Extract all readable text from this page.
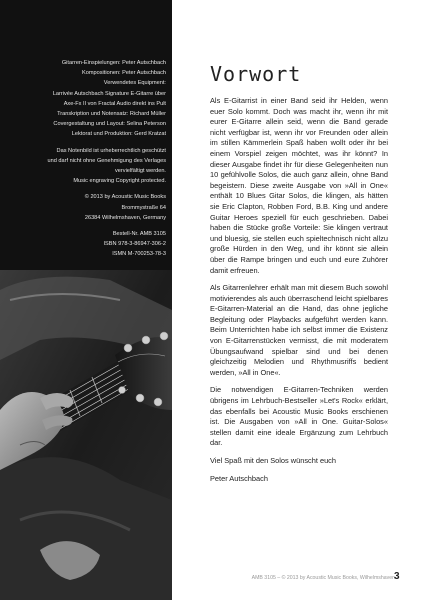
Gitarren-Einspielungen: Peter Autschbach
Kompositionen: Peter Autschbach
Verwendetes Equipment:
Larrivée Autschbach Signature E-Gitarre über
Axe-Fx II von Fractal Audio direkt ins Pult
Transkription und Notensatz: Richard Müller
Covergestaltung und Layout: Selina Peterson
Lektorat und Produktion: Gerd Kratzat
Das Notenbild ist urheberrechtlich geschützt
und darf nicht ohne Genehmigung des Verlages
vervielfältigt werden.
Music engraving Copyright protected.
© 2013 by Acoustic Music Books
Brommystraße 64
26384 Wilhelmshaven, Germany
Bestell-Nr. AMB 3105
ISBN 978-3-86947-306-2
ISMN M-700253-78-3
Vorwort

Als E-Gitarrist in einer Band seid ihr Helden, wenn euer Solo kommt. Doch was macht ihr, wenn ihr mit eurer E-Gitarre allein seid, wenn die Band gerade nicht verfügbar ist, wenn ihr vor Freunden oder allein im stillen Kämmerlein Spaß haben wollt oder ihr bei einem Vorspiel zeigen möchtet, was ihr könnt? In dieser Ausgabe findet ihr für diese Gelegenheiten nun 10 gefühlvolle Solos, die auch ganz allein, ohne Band begeistern. Diese zweite Ausgabe von »All in One« enthält 10 Blues Gitar Solos, die klingen, als hätten sie Eric Clapton, Robben Ford, B.B. King und andere Guitar Heroes speziell für euch geschrieben. Dabei haben die Stücke große Vorteile: Sie klingen vertraut und bluesig, sie stellen euch spieltechnisch nicht allzu große Hürden in den Weg, und ihr könnt sie allein über die Rampe bringen und euch und eure Zuhörer damit erfreuen.

Als Gitarrenlehrer erhält man mit diesem Buch sowohl motivierendes als auch überraschend leicht spielbares E-Gitarren-Material an die Hand, das ohne jegliche Begleitung oder Playbacks aufgeführt werden kann. Beim Unterrichten habe ich selbst immer die Existenz von E-Gitarrenstücken vermisst, die mit moderatem Übungsaufwand spielbar sind und bei denen gleichzeitig Melodien und Rhythmusriffs bedient werden, »All in One«.

Die notwendigen E-Gitarren-Techniken werden übrigens im Lehrbuch-Bestseller »Let's Rock« erklärt, das ebenfalls bei Acoustic Music Books erschienen ist. Die Ausgaben von »All in One. Guitar-Solos« stellen damit eine ideale Ergänzung zum Lehrbuch dar.

Viel Spaß mit den Solos wünscht euch

Peter Autschbach

AMB 3105 – © 2013 by Acoustic Music Books, Wilhelmshaven 3
